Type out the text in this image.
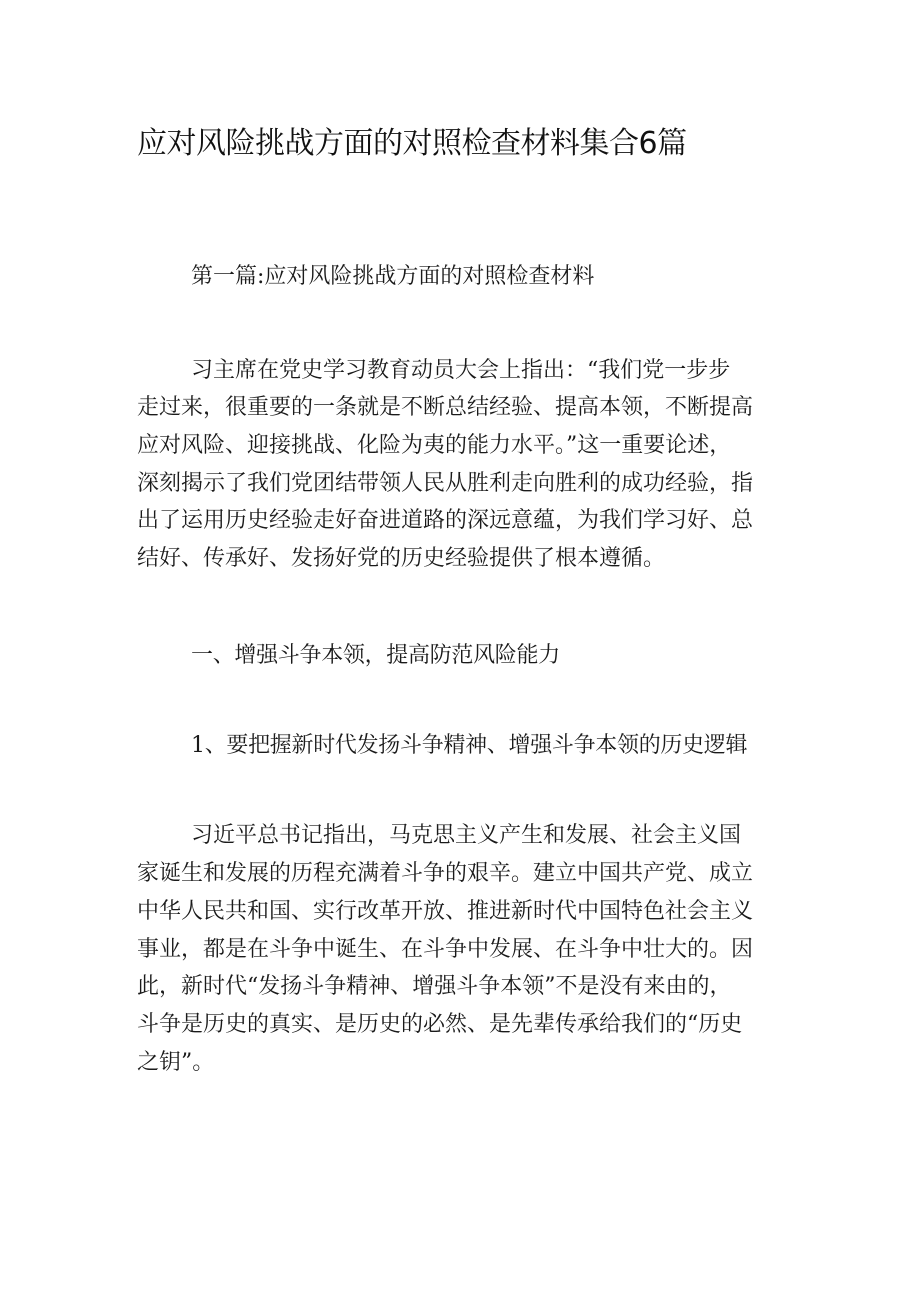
应对风险挑战方面的对照检查材料集合6篇

第一篇:应对风险挑战方面的对照检查材料

习主席在党史学习教育动员大会上指出：“我们党一步步

走过来，很重要的一条就是不断总结经验、提高本领，不断提高

应对风险、迎接挑战、化险为夷的能力水平。”这一重要论述，

深刻揭示了我们党团结带领人民从胜利走向胜利的成功经验，指

出了运用历史经验走好奋进道路的深远意蕴，为我们学习好、总

结好、传承好、发扬好党的历史经验提供了根本遵循。

一、增强斗争本领，提高防范风险能力

1、要把握新时代发扬斗争精神、增强斗争本领的历史逻辑

习近平总书记指出，马克思主义产生和发展、社会主义国

家诞生和发展的历程充满着斗争的艰辛。建立中国共产党、成立

中华人民共和国、实行改革开放、推进新时代中国特色社会主义

事业，都是在斗争中诞生、在斗争中发展、在斗争中壮大的。因

此，新时代“发扬斗争精神、增强斗争本领”不是没有来由的，

斗争是历史的真实、是历史的必然、是先辈传承给我们的“历史

之钥”。
